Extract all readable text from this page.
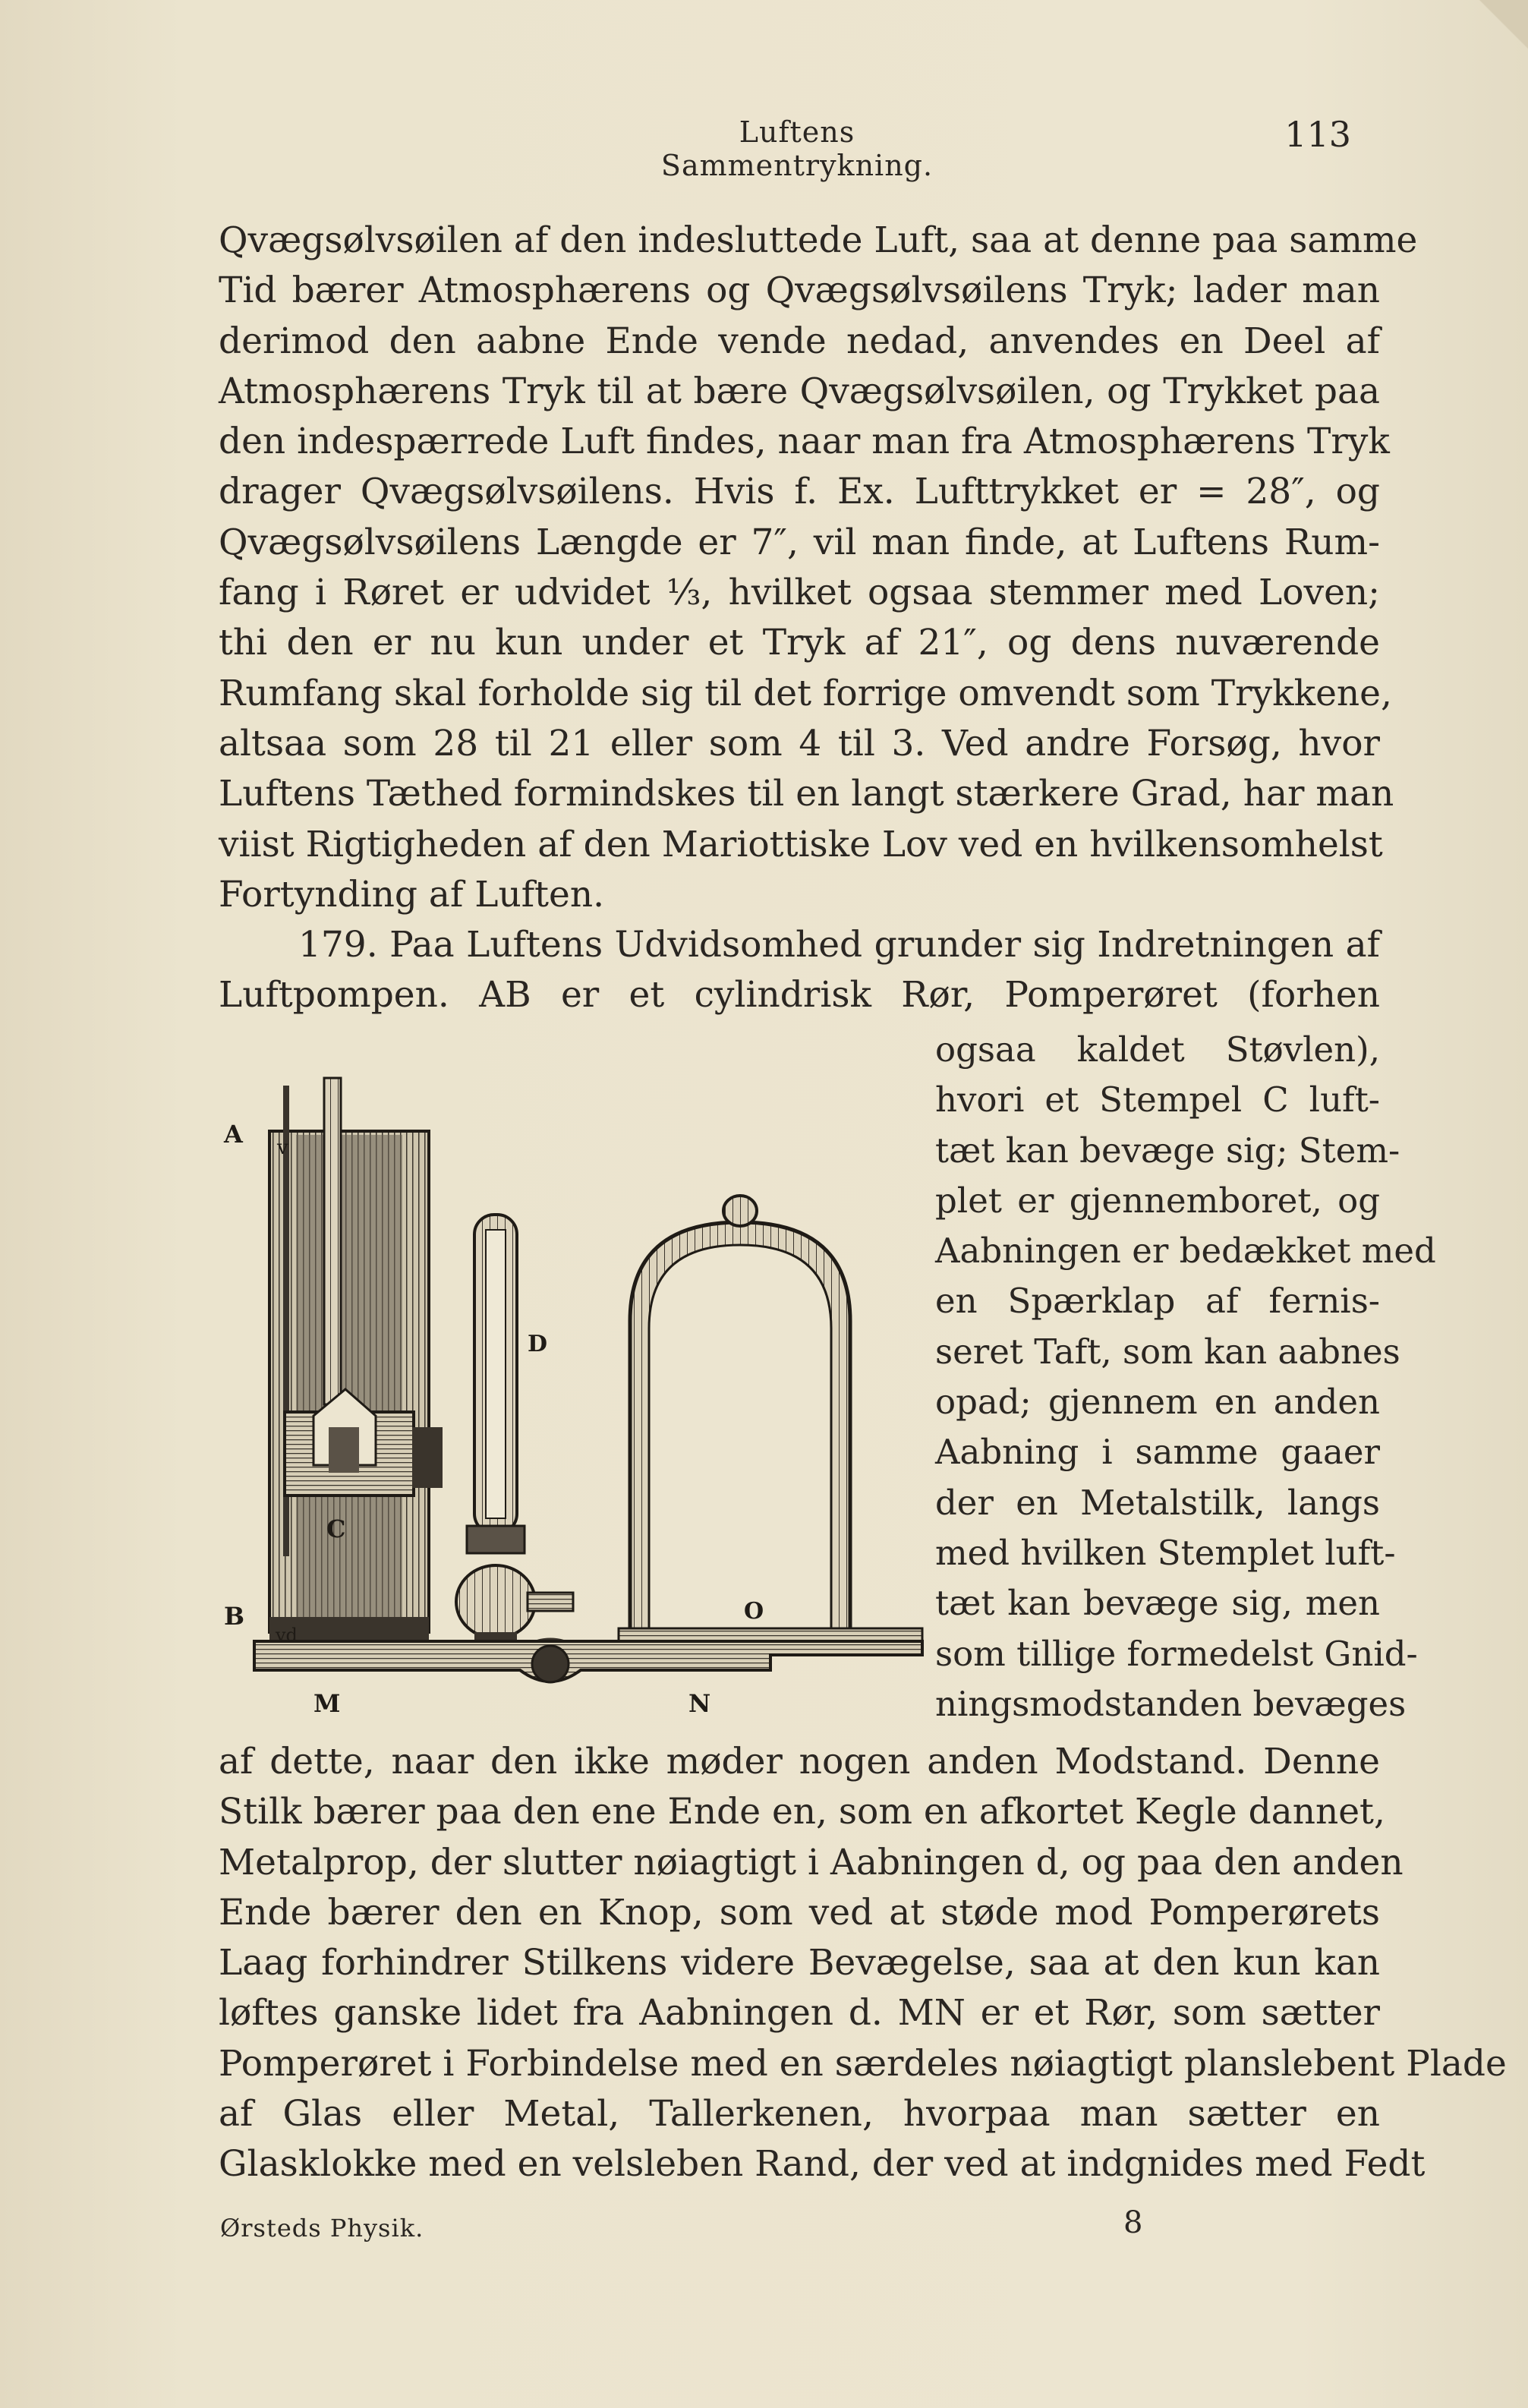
Luftens Sammentrykning.
113
Qvægsølvsøilen af den indesluttede Luft, saa at denne paa samme
Tid bærer Atmosphærens og Qvægsølvsøilens Tryk; lader man
derimod den aabne Ende vende nedad, anvendes en Deel af
Atmosphærens Tryk til at bære Qvægsølvsøilen, og Trykket paa
den indespærrede Luft findes, naar man fra Atmosphærens Tryk
drager Qvægsølvsøilens. Hvis f. Ex. Lufttrykket er = 28″, og
Qvægsølvsøilens Længde er 7″, vil man finde, at Luftens Rum-
fang i Røret er udvidet ⅓, hvilket ogsaa stemmer med Loven;
thi den er nu kun under et Tryk af 21″, og dens nuværende
Rumfang skal forholde sig til det forrige omvendt som Trykkene,
altsaa som 28 til 21 eller som 4 til 3. Ved andre Forsøg, hvor
Luftens Tæthed formindskes til en langt stærkere Grad, har man
viist Rigtigheden af den Mariottiske Lov ved en hvilkensomhelst
Fortynding af Luften.
179. Paa Luftens Udvidsomhed grunder sig Indretningen af
Luftpompen. AB er et cylindrisk Rør, Pomperøret (forhen
ogsaa kaldet Støvlen),
hvori et Stempel C luft-
tæt kan bevæge sig; Stem-
plet er gjennemboret, og
Aabningen er bedækket med
en Spærklap af fernis-
seret Taft, som kan aabnes
opad; gjennem en anden
Aabning i samme gaaer
der en Metalstilk, langs
med hvilken Stemplet luft-
tæt kan bevæge sig, men
som tillige formedelst Gnid-
ningsmodstanden bevæges
A v
B
vd
C
D
M	N
O
af dette, naar den ikke møder nogen anden Modstand. Denne
Stilk bærer paa den ene Ende en, som en afkortet Kegle dannet,
Metalprop, der slutter nøiagtigt i Aabningen d, og paa den anden
Ende bærer den en Knop, som ved at støde mod Pomperørets
Laag forhindrer Stilkens videre Bevægelse, saa at den kun kan
løftes ganske lidet fra Aabningen d. MN er et Rør, som sætter
Pomperøret i Forbindelse med en særdeles nøiagtigt planslebent Plade
af Glas eller Metal, Tallerkenen, hvorpaa man sætter en
Glasklokke med en velsleben Rand, der ved at indgnides med Fedt
Ørsteds Physik.	8
